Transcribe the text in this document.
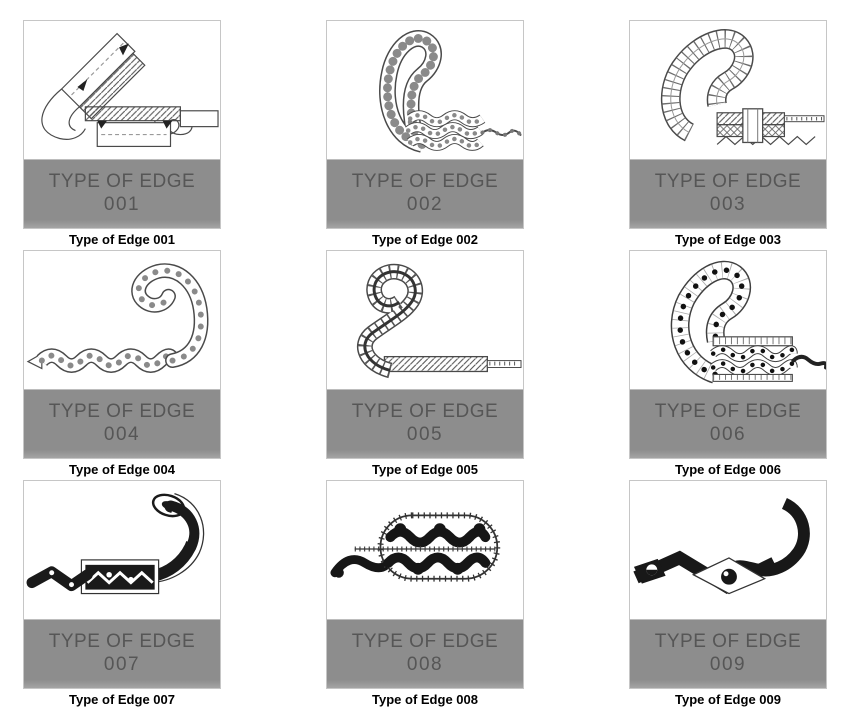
TYPE OF EDGE
001
Type of Edge 001
TYPE OF EDGE
002
Type of Edge 002
TYPE OF EDGE
003
Type of Edge 003
TYPE OF EDGE
004
Type of Edge 004
TYPE OF EDGE
005
Type of Edge 005
TYPE OF EDGE
006
Type of Edge 006
TYPE OF EDGE
007
Type of Edge 007
TYPE OF EDGE
008
Type of Edge 008
TYPE OF EDGE
009
Type of Edge 009
